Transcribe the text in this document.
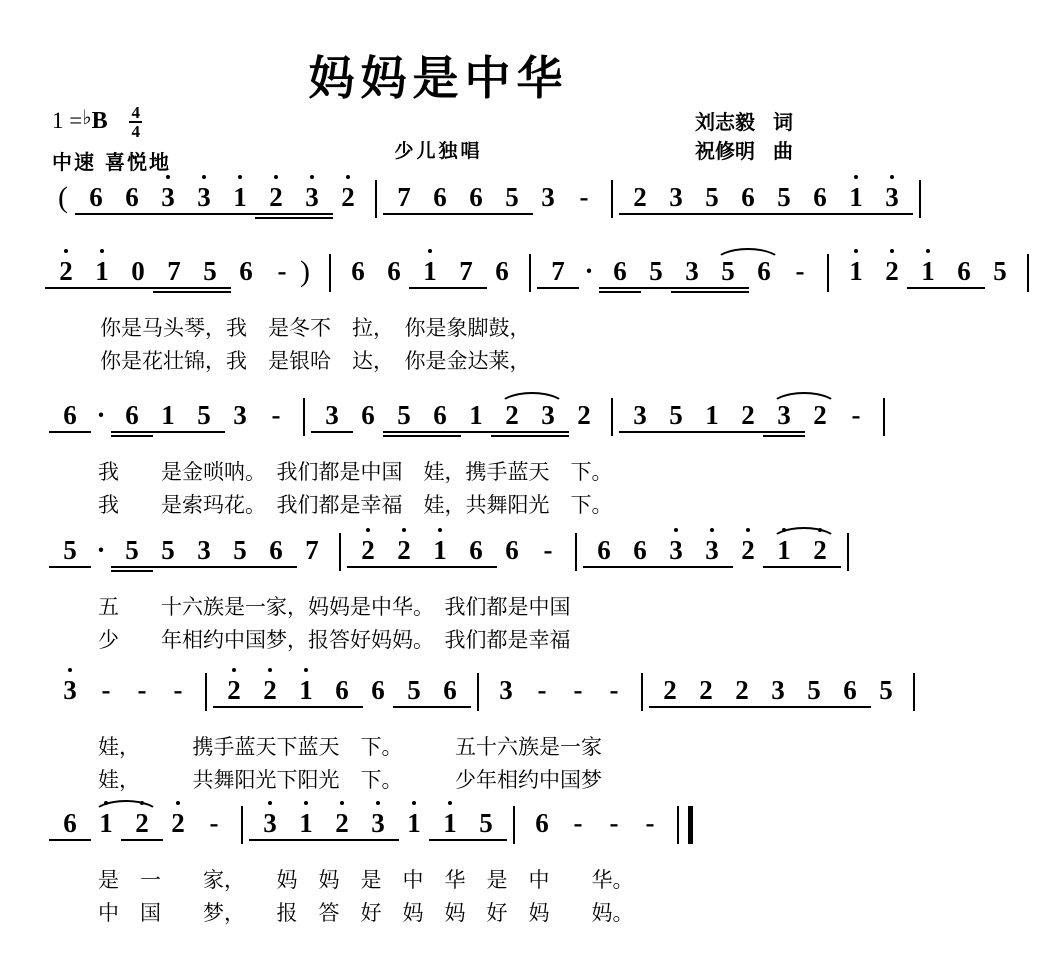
妈妈是中华
1 =♭B $\frac{4}{4}$
中速 喜悦地	少儿独唱
刘志毅 词
祝修明 曲
( 6 6 3 3 1 2 3 2	7 6 6 5 3 -	2 3 5 6 5 6 1 3
2 1 0 7 5 6 - )	6 6 1 7 6	7 · 6 5 3 5 6 -	1 2 1 6 5
你是马头琴，我　是冬不　拉，　你是象脚鼓，
你是花壮锦，我　是银哈　达，　你是金达莱，
6 · 6 1 5 3 -	3 6 5 6 1 2 3 2	3 5 1 2 3 2 -
我　　是金唢呐。　我们都是中国　娃，携手蓝天　下。
我　　是索玛花。　我们都是幸福　娃，共舞阳光　下。
5 · 5 5 3 5 6 7	2 2 1 6 6 -	6 6 3 3 2 1 2
五　　十六族是一家，妈妈是中华。　我们都是中国
少　　年相约中国梦，报答好妈妈。　我们都是幸福
3 - - -	2 2 1 6 6 5 6	3 - - -	2 2 2 3 5 6 5
娃，　　　携手蓝天下蓝天　下。　　　五十六族是一家
娃，　　　共舞阳光下阳光　下。　　　少年相约中国梦
6 1 2 2 -	3 1 2 3 1 1 5	6 - - -
是　一　　家，　　妈　妈　是　中　华　是　中　　华。
中　国　　梦，　　报　答　好　妈　妈　好　妈　　妈。
